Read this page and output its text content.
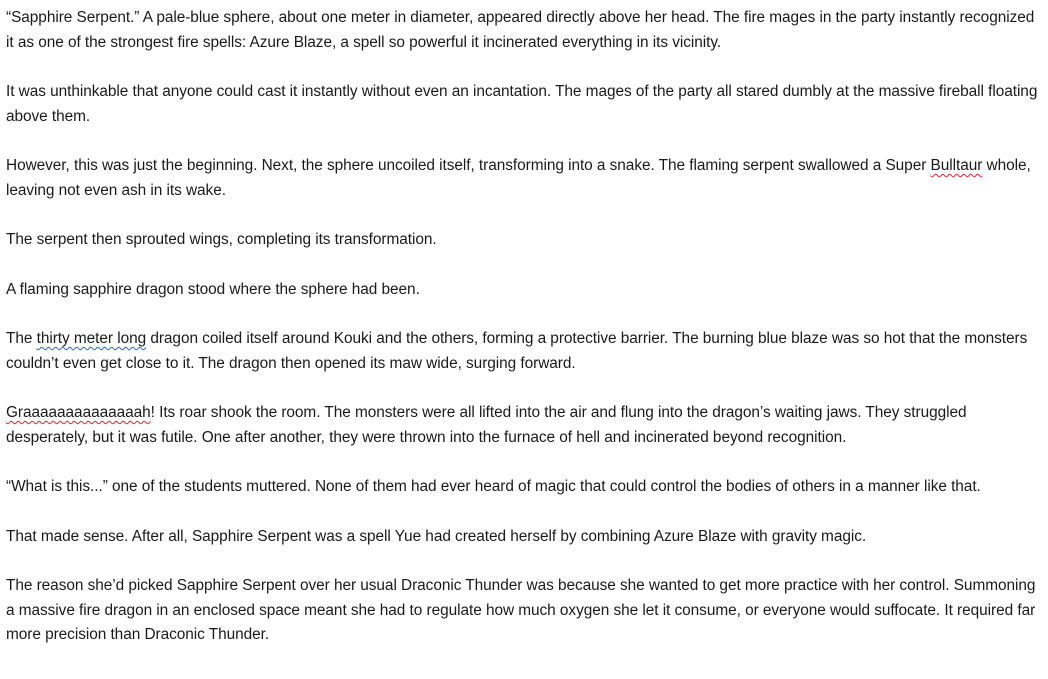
“Sapphire Serpent.” A pale-blue sphere, about one meter in diameter, appeared directly above her head. The fire mages in the party instantly recognized it as one of the strongest fire spells: Azure Blaze, a spell so powerful it incinerated everything in its vicinity.

It was unthinkable that anyone could cast it instantly without even an incantation. The mages of the party all stared dumbly at the massive fireball floating above them.

However, this was just the beginning. Next, the sphere uncoiled itself, transforming into a snake. The flaming serpent swallowed a Super Bulltaur whole, leaving not even ash in its wake.

The serpent then sprouted wings, completing its transformation.

A flaming sapphire dragon stood where the sphere had been.

The thirty meter long dragon coiled itself around Kouki and the others, forming a protective barrier. The burning blue blaze was so hot that the monsters couldn’t even get close to it. The dragon then opened its maw wide, surging forward.

Graaaaaaaaaaaaaah! Its roar shook the room. The monsters were all lifted into the air and flung into the dragon’s waiting jaws. They struggled desperately, but it was futile. One after another, they were thrown into the furnace of hell and incinerated beyond recognition.

“What is this...” one of the students muttered. None of them had ever heard of magic that could control the bodies of others in a manner like that.

That made sense. After all, Sapphire Serpent was a spell Yue had created herself by combining Azure Blaze with gravity magic.

The reason she’d picked Sapphire Serpent over her usual Draconic Thunder was because she wanted to get more practice with her control. Summoning a massive fire dragon in an enclosed space meant she had to regulate how much oxygen she let it consume, or everyone would suffocate. It required far more precision than Draconic Thunder.
